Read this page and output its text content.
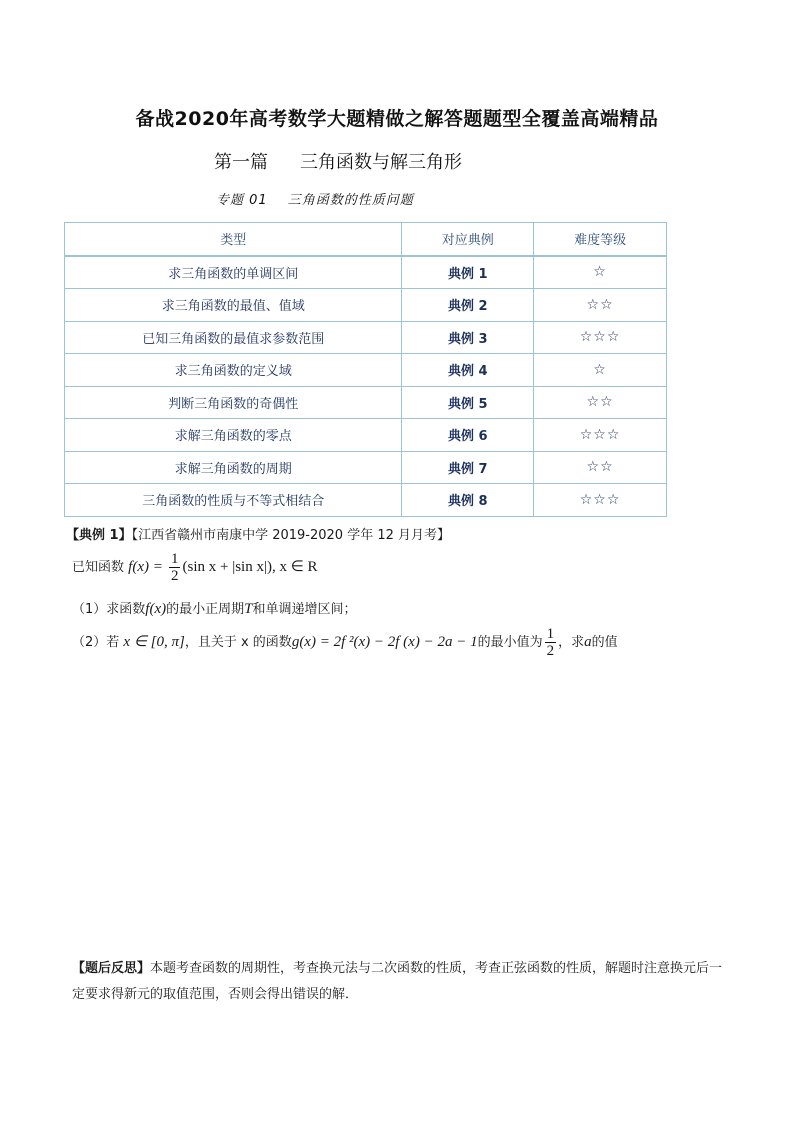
备战2020年高考数学大题精做之解答题题型全覆盖高端精品
第一篇 三角函数与解三角形
专题 01 三角函数的性质问题
类型	对应典例	难度等级
求三角函数的单调区间	典例 1	☆
求三角函数的最值、值域	典例 2	☆☆
已知三角函数的最值求参数范围	典例 3	☆☆☆
求三角函数的定义域	典例 4	☆
判断三角函数的奇偶性	典例 5	☆☆
求解三角函数的零点	典例 6	☆☆☆
求解三角函数的周期	典例 7	☆☆
三角函数的性质与不等式相结合	典例 8	☆☆☆
【典例 1】【江西省赣州市南康中学 2019-2020 学年 12 月月考】
已知函数 $f(x) = \frac{1}{2} (\sin$ x + |sin x|), x ∈ R
（1）求函数f(x)的最小正周期T和单调递增区间；
（2）若 x ∈ [0, π]，且关于 x 的函数g(x) = 2f ²(x) − 2f (x) − 2a − 1的最小值为 $\frac{1}{2}$ ，求a的值
【题后反思】本题考查函数的周期性，考查换元法与二次函数的性质，考查正弦函数的性质，解题时注意换元后一定要求得新元的取值范围，否则会得出错误的解．
